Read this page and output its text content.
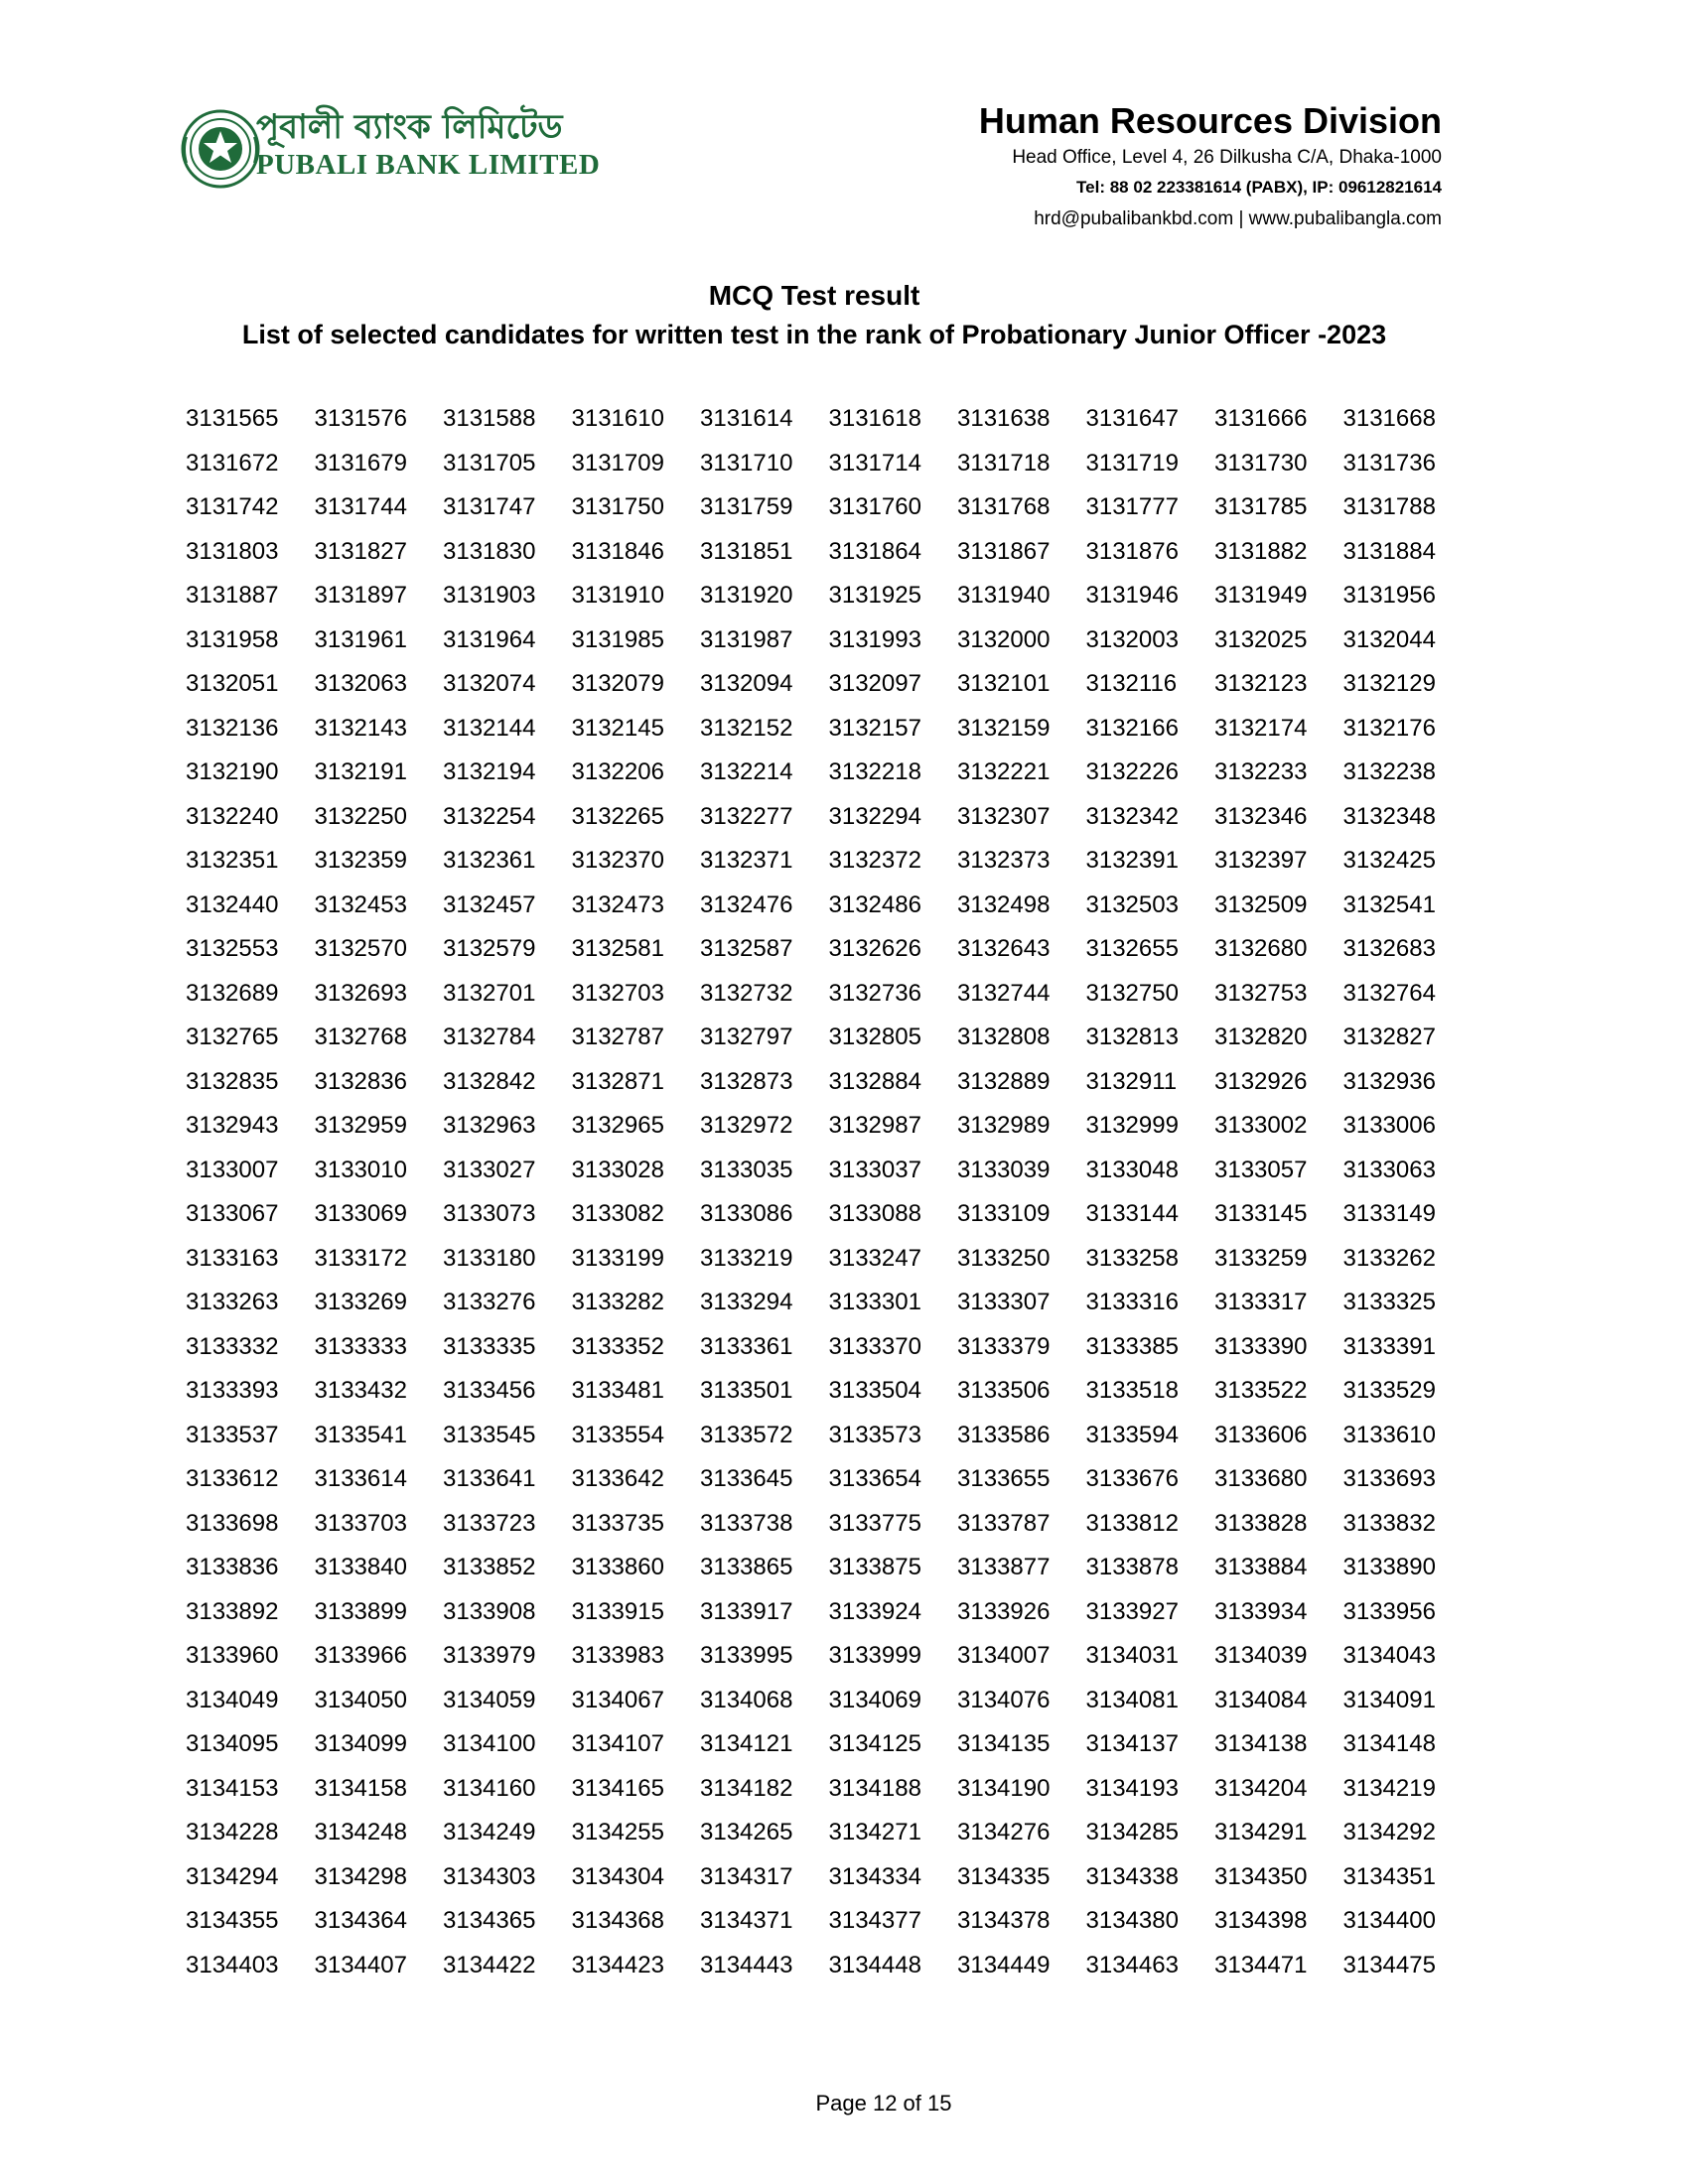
পূবালী ব্যাংক লিমিটেড
PUBALI BANK LIMITED
Human Resources Division
Head Office, Level 4, 26 Dilkusha C/A, Dhaka-1000
Tel: 88 02 223381614 (PABX), IP: 09612821614
hrd@pubalibankbd.com | www.pubalibangla.com
MCQ Test result
List of selected candidates for written test in the rank of Probationary Junior Officer -2023
3131565	3131576	3131588	3131610	3131614	3131618	3131638	3131647	3131666	3131668
3131672	3131679	3131705	3131709	3131710	3131714	3131718	3131719	3131730	3131736
3131742	3131744	3131747	3131750	3131759	3131760	3131768	3131777	3131785	3131788
3131803	3131827	3131830	3131846	3131851	3131864	3131867	3131876	3131882	3131884
3131887	3131897	3131903	3131910	3131920	3131925	3131940	3131946	3131949	3131956
3131958	3131961	3131964	3131985	3131987	3131993	3132000	3132003	3132025	3132044
3132051	3132063	3132074	3132079	3132094	3132097	3132101	3132116	3132123	3132129
3132136	3132143	3132144	3132145	3132152	3132157	3132159	3132166	3132174	3132176
3132190	3132191	3132194	3132206	3132214	3132218	3132221	3132226	3132233	3132238
3132240	3132250	3132254	3132265	3132277	3132294	3132307	3132342	3132346	3132348
3132351	3132359	3132361	3132370	3132371	3132372	3132373	3132391	3132397	3132425
3132440	3132453	3132457	3132473	3132476	3132486	3132498	3132503	3132509	3132541
3132553	3132570	3132579	3132581	3132587	3132626	3132643	3132655	3132680	3132683
3132689	3132693	3132701	3132703	3132732	3132736	3132744	3132750	3132753	3132764
3132765	3132768	3132784	3132787	3132797	3132805	3132808	3132813	3132820	3132827
3132835	3132836	3132842	3132871	3132873	3132884	3132889	3132911	3132926	3132936
3132943	3132959	3132963	3132965	3132972	3132987	3132989	3132999	3133002	3133006
3133007	3133010	3133027	3133028	3133035	3133037	3133039	3133048	3133057	3133063
3133067	3133069	3133073	3133082	3133086	3133088	3133109	3133144	3133145	3133149
3133163	3133172	3133180	3133199	3133219	3133247	3133250	3133258	3133259	3133262
3133263	3133269	3133276	3133282	3133294	3133301	3133307	3133316	3133317	3133325
3133332	3133333	3133335	3133352	3133361	3133370	3133379	3133385	3133390	3133391
3133393	3133432	3133456	3133481	3133501	3133504	3133506	3133518	3133522	3133529
3133537	3133541	3133545	3133554	3133572	3133573	3133586	3133594	3133606	3133610
3133612	3133614	3133641	3133642	3133645	3133654	3133655	3133676	3133680	3133693
3133698	3133703	3133723	3133735	3133738	3133775	3133787	3133812	3133828	3133832
3133836	3133840	3133852	3133860	3133865	3133875	3133877	3133878	3133884	3133890
3133892	3133899	3133908	3133915	3133917	3133924	3133926	3133927	3133934	3133956
3133960	3133966	3133979	3133983	3133995	3133999	3134007	3134031	3134039	3134043
3134049	3134050	3134059	3134067	3134068	3134069	3134076	3134081	3134084	3134091
3134095	3134099	3134100	3134107	3134121	3134125	3134135	3134137	3134138	3134148
3134153	3134158	3134160	3134165	3134182	3134188	3134190	3134193	3134204	3134219
3134228	3134248	3134249	3134255	3134265	3134271	3134276	3134285	3134291	3134292
3134294	3134298	3134303	3134304	3134317	3134334	3134335	3134338	3134350	3134351
3134355	3134364	3134365	3134368	3134371	3134377	3134378	3134380	3134398	3134400
3134403	3134407	3134422	3134423	3134443	3134448	3134449	3134463	3134471	3134475
Page 12 of 15
